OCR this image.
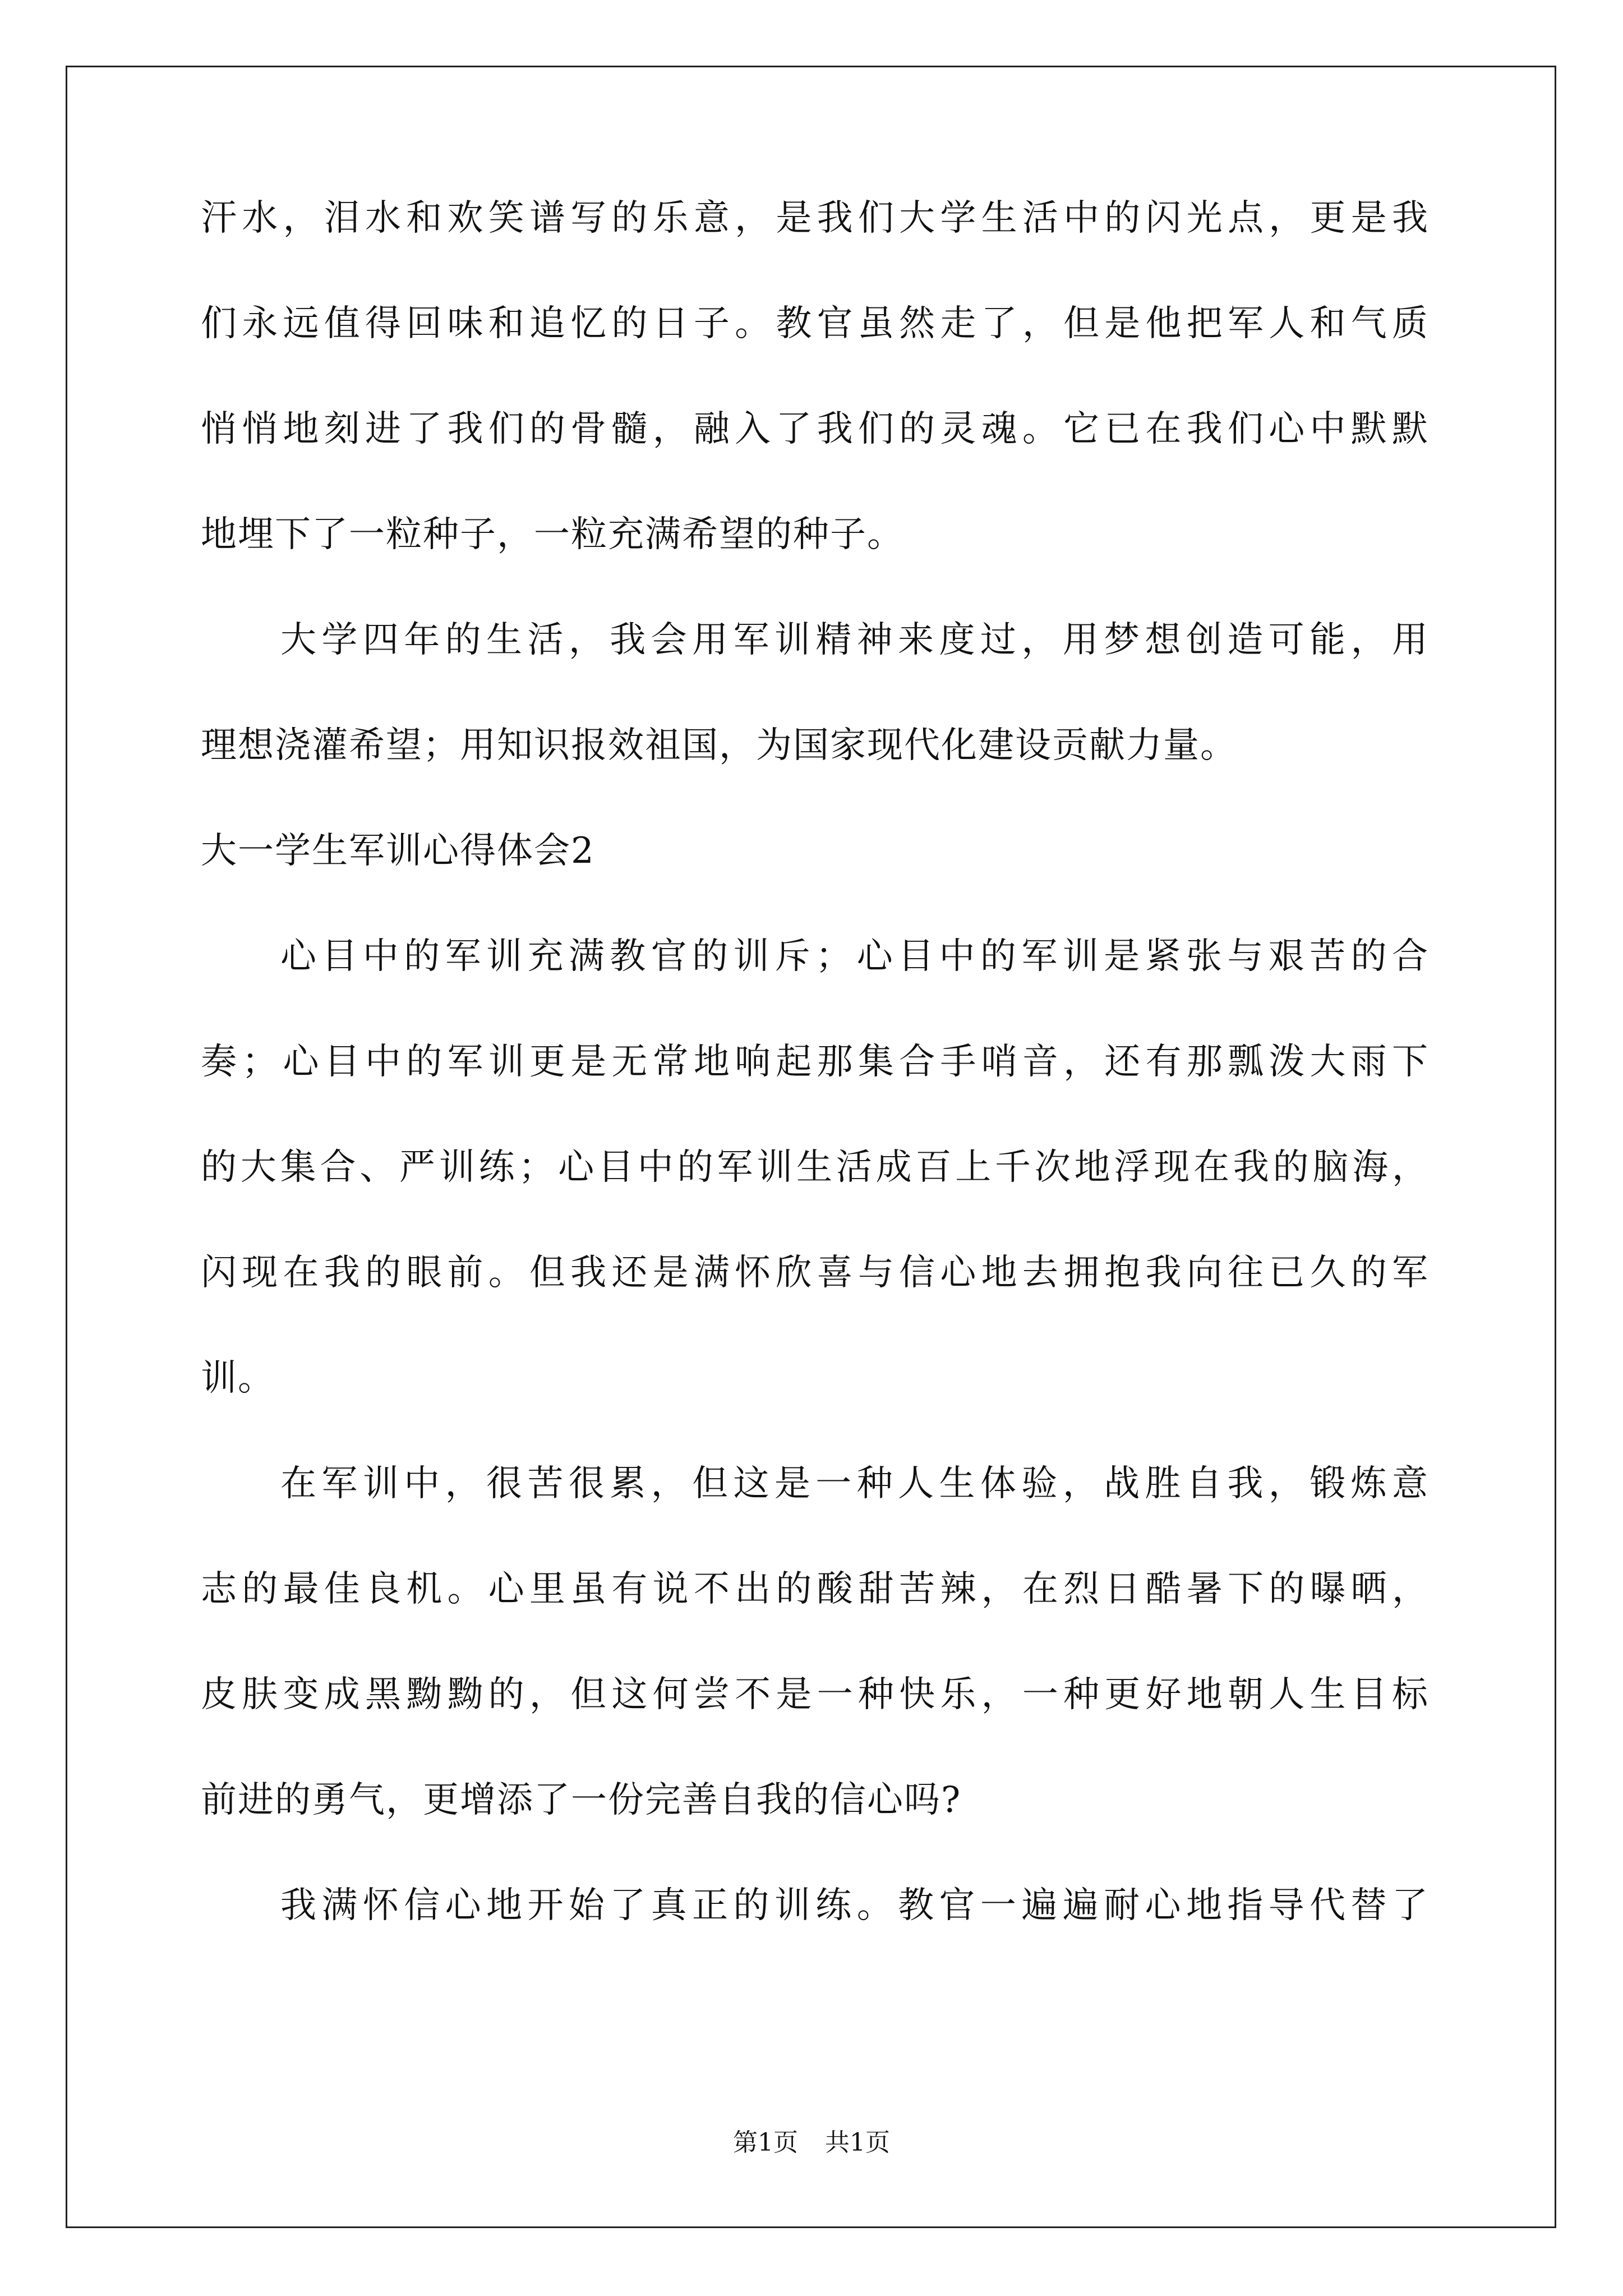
汗水，泪水和欢笑谱写的乐意，是我们大学生活中的闪光点，更是我
们永远值得回味和追忆的日子。教官虽然走了，但是他把军人和气质
悄悄地刻进了我们的骨髓，融入了我们的灵魂。它已在我们心中默默
地埋下了一粒种子，一粒充满希望的种子。
大学四年的生活，我会用军训精神来度过，用梦想创造可能，用
理想浇灌希望；用知识报效祖国，为国家现代化建设贡献力量。
大一学生军训心得体会2
心目中的军训充满教官的训斥；心目中的军训是紧张与艰苦的合
奏；心目中的军训更是无常地响起那集合手哨音，还有那瓢泼大雨下
的大集合、严训练；心目中的军训生活成百上千次地浮现在我的脑海，
闪现在我的眼前。但我还是满怀欣喜与信心地去拥抱我向往已久的军
训。
在军训中，很苦很累，但这是一种人生体验，战胜自我，锻炼意
志的最佳良机。心里虽有说不出的酸甜苦辣，在烈日酷暑下的曝晒，
皮肤变成黑黝黝的，但这何尝不是一种快乐，一种更好地朝人生目标
前进的勇气，更增添了一份完善自我的信心吗?
我满怀信心地开始了真正的训练。教官一遍遍耐心地指导代替了
第1页 共1页
